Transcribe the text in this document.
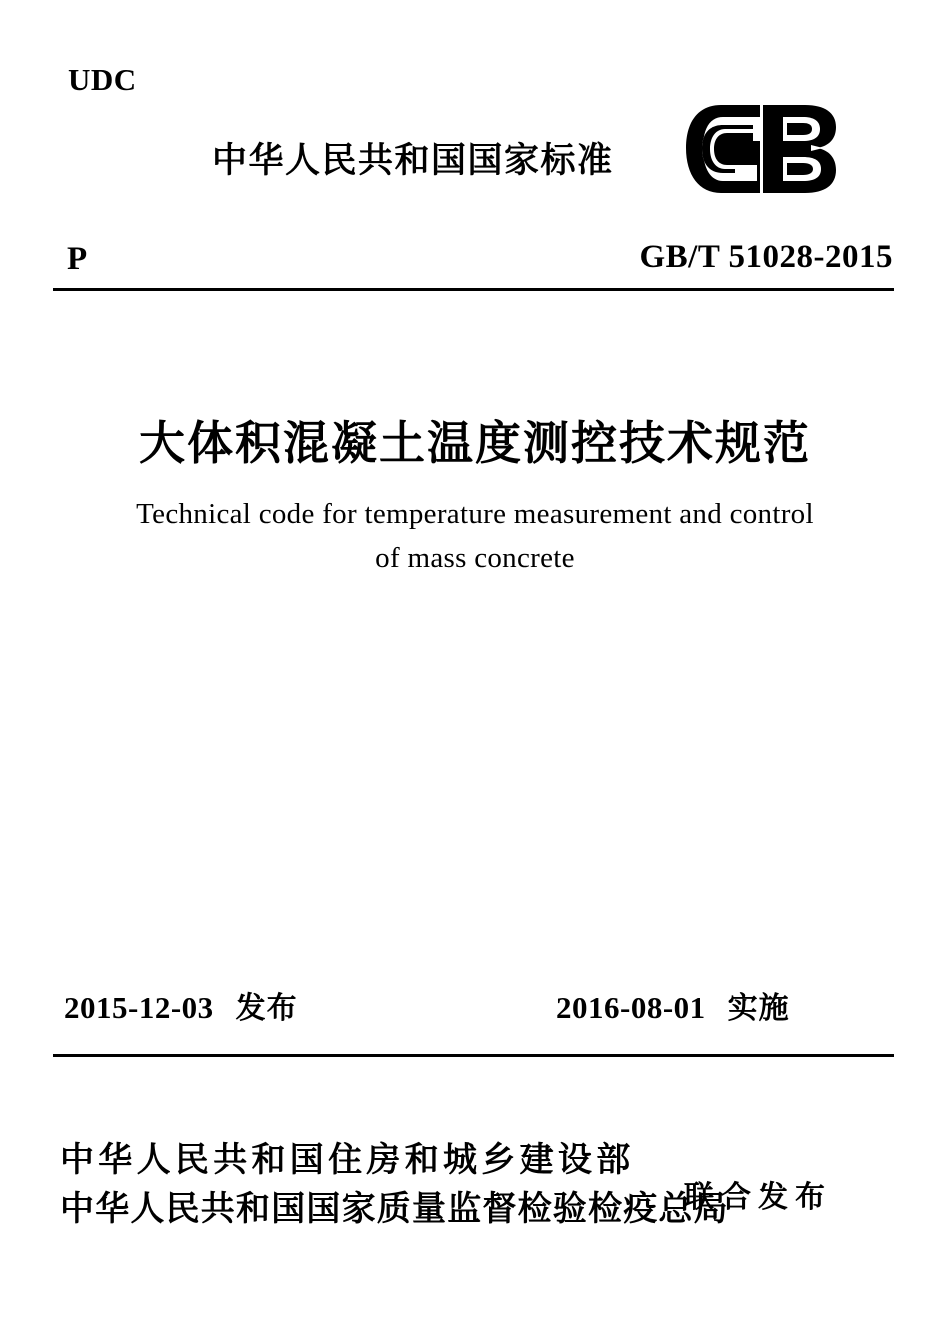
UDC
中华人民共和国国家标准
P	GB/T 51028-2015
大体积混凝土温度测控技术规范
Technical code for temperature measurement and control
of mass concrete
2015-12-03 发布	2016-08-01 实施
中华人民共和国住房和城乡建设部
中华人民共和国国家质量监督检验检疫总局
联合发布
